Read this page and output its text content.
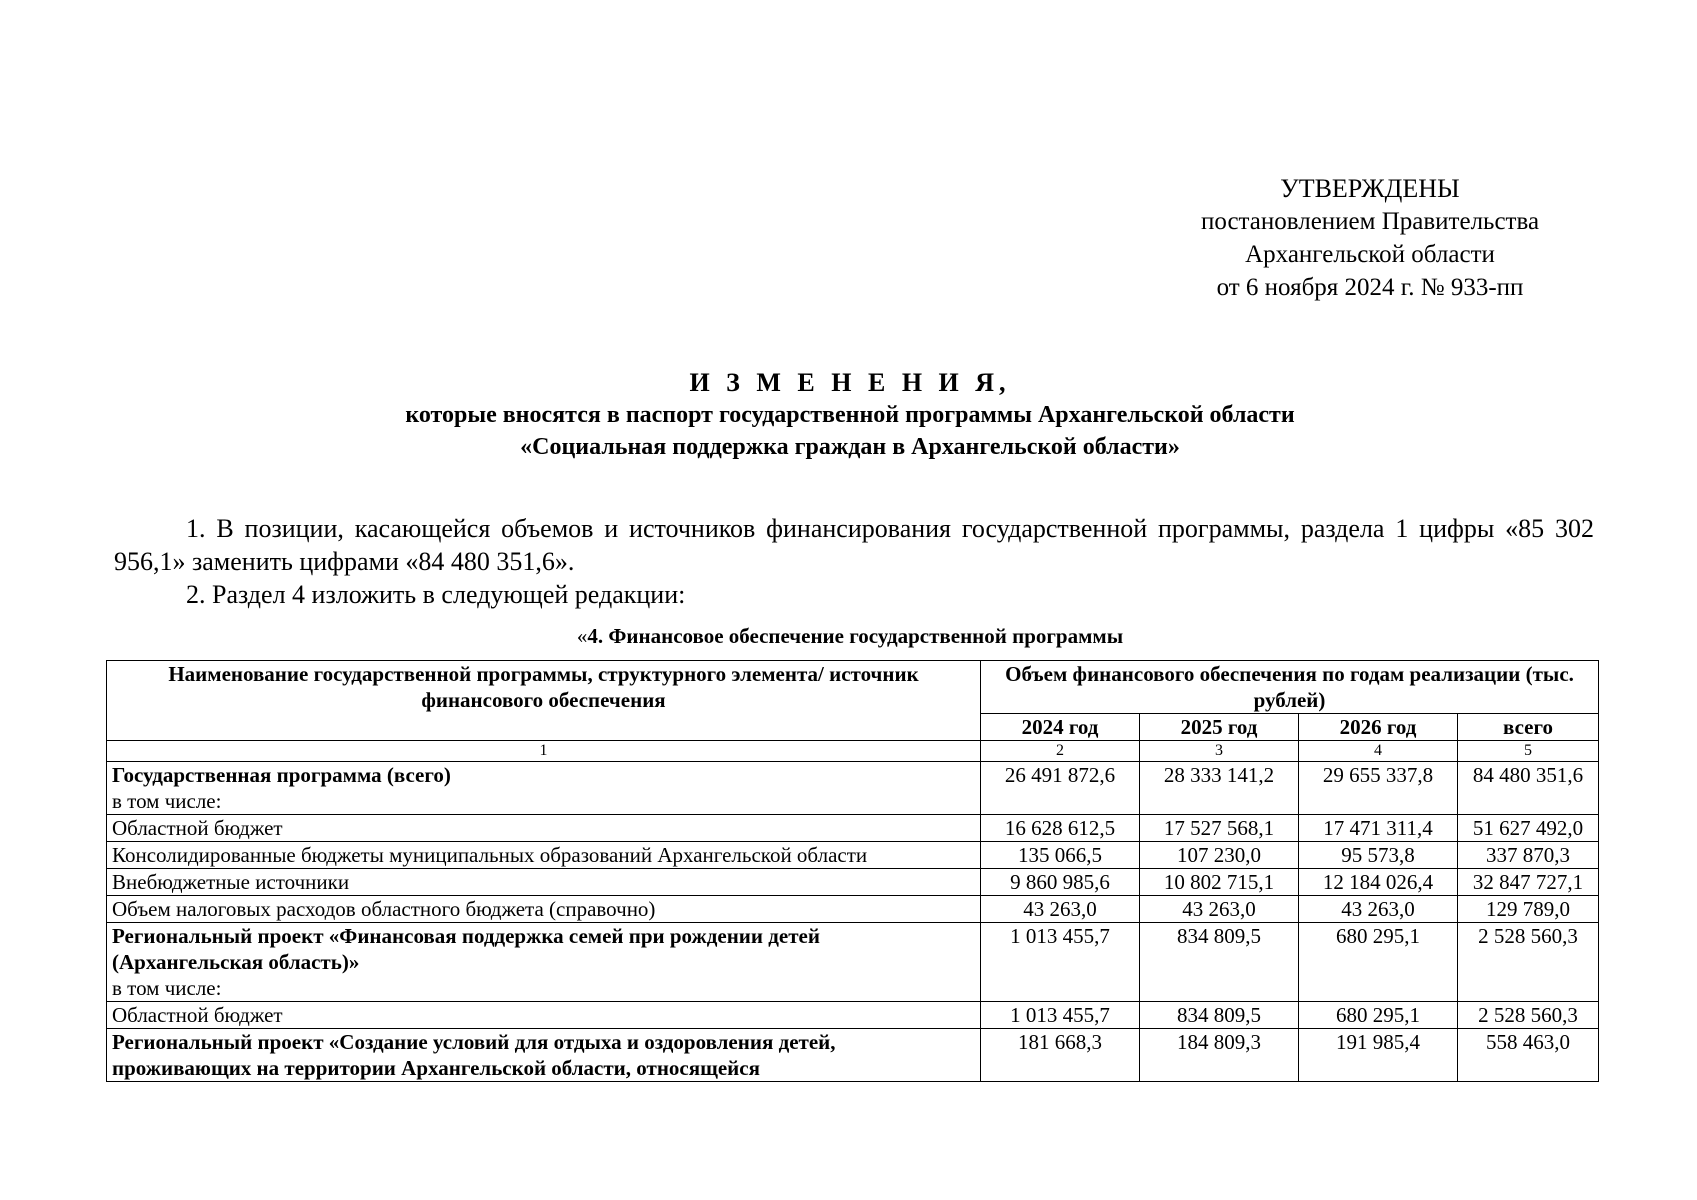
УТВЕРЖДЕНЫ
постановлением Правительства
Архангельской области
от 6 ноября 2024 г. № 933-пп
И З М Е Н Е Н И Я,
которые вносятся в паспорт государственной программы Архангельской области
«Социальная поддержка граждан в Архангельской области»
1. В позиции, касающейся объемов и источников финансирования государственной программы, раздела 1 цифры «85 302 956,1» заменить цифрами «84 480 351,6».
2. Раздел 4 изложить в следующей редакции:
«4. Финансовое обеспечение государственной программы
Наименование государственной программы, структурного элемента/ источник финансового обеспечения	Объем финансового обеспечения по годам реализации (тыс. рублей)			
	2024 год	2025 год	2026 год	всего
1	2	3	4	5
Государственная программа (всего)
в том числе:	26 491 872,6	28 333 141,2	29 655 337,8	84 480 351,6
Областной бюджет	16 628 612,5	17 527 568,1	17 471 311,4	51 627 492,0
Консолидированные бюджеты муниципальных образований Архангельской области	135 066,5	107 230,0	95 573,8	337 870,3
Внебюджетные источники	9 860 985,6	10 802 715,1	12 184 026,4	32 847 727,1
Объем налоговых расходов областного бюджета (справочно)	43 263,0	43 263,0	43 263,0	129 789,0
Региональный проект «Финансовая поддержка семей при рождении детей (Архангельская область)»
в том числе:	1 013 455,7	834 809,5	680 295,1	2 528 560,3
Областной бюджет	1 013 455,7	834 809,5	680 295,1	2 528 560,3
Региональный проект «Создание условий для отдыха и оздоровления детей, проживающих на территории Архангельской области, относящейся	181 668,3	184 809,3	191 985,4	558 463,0
